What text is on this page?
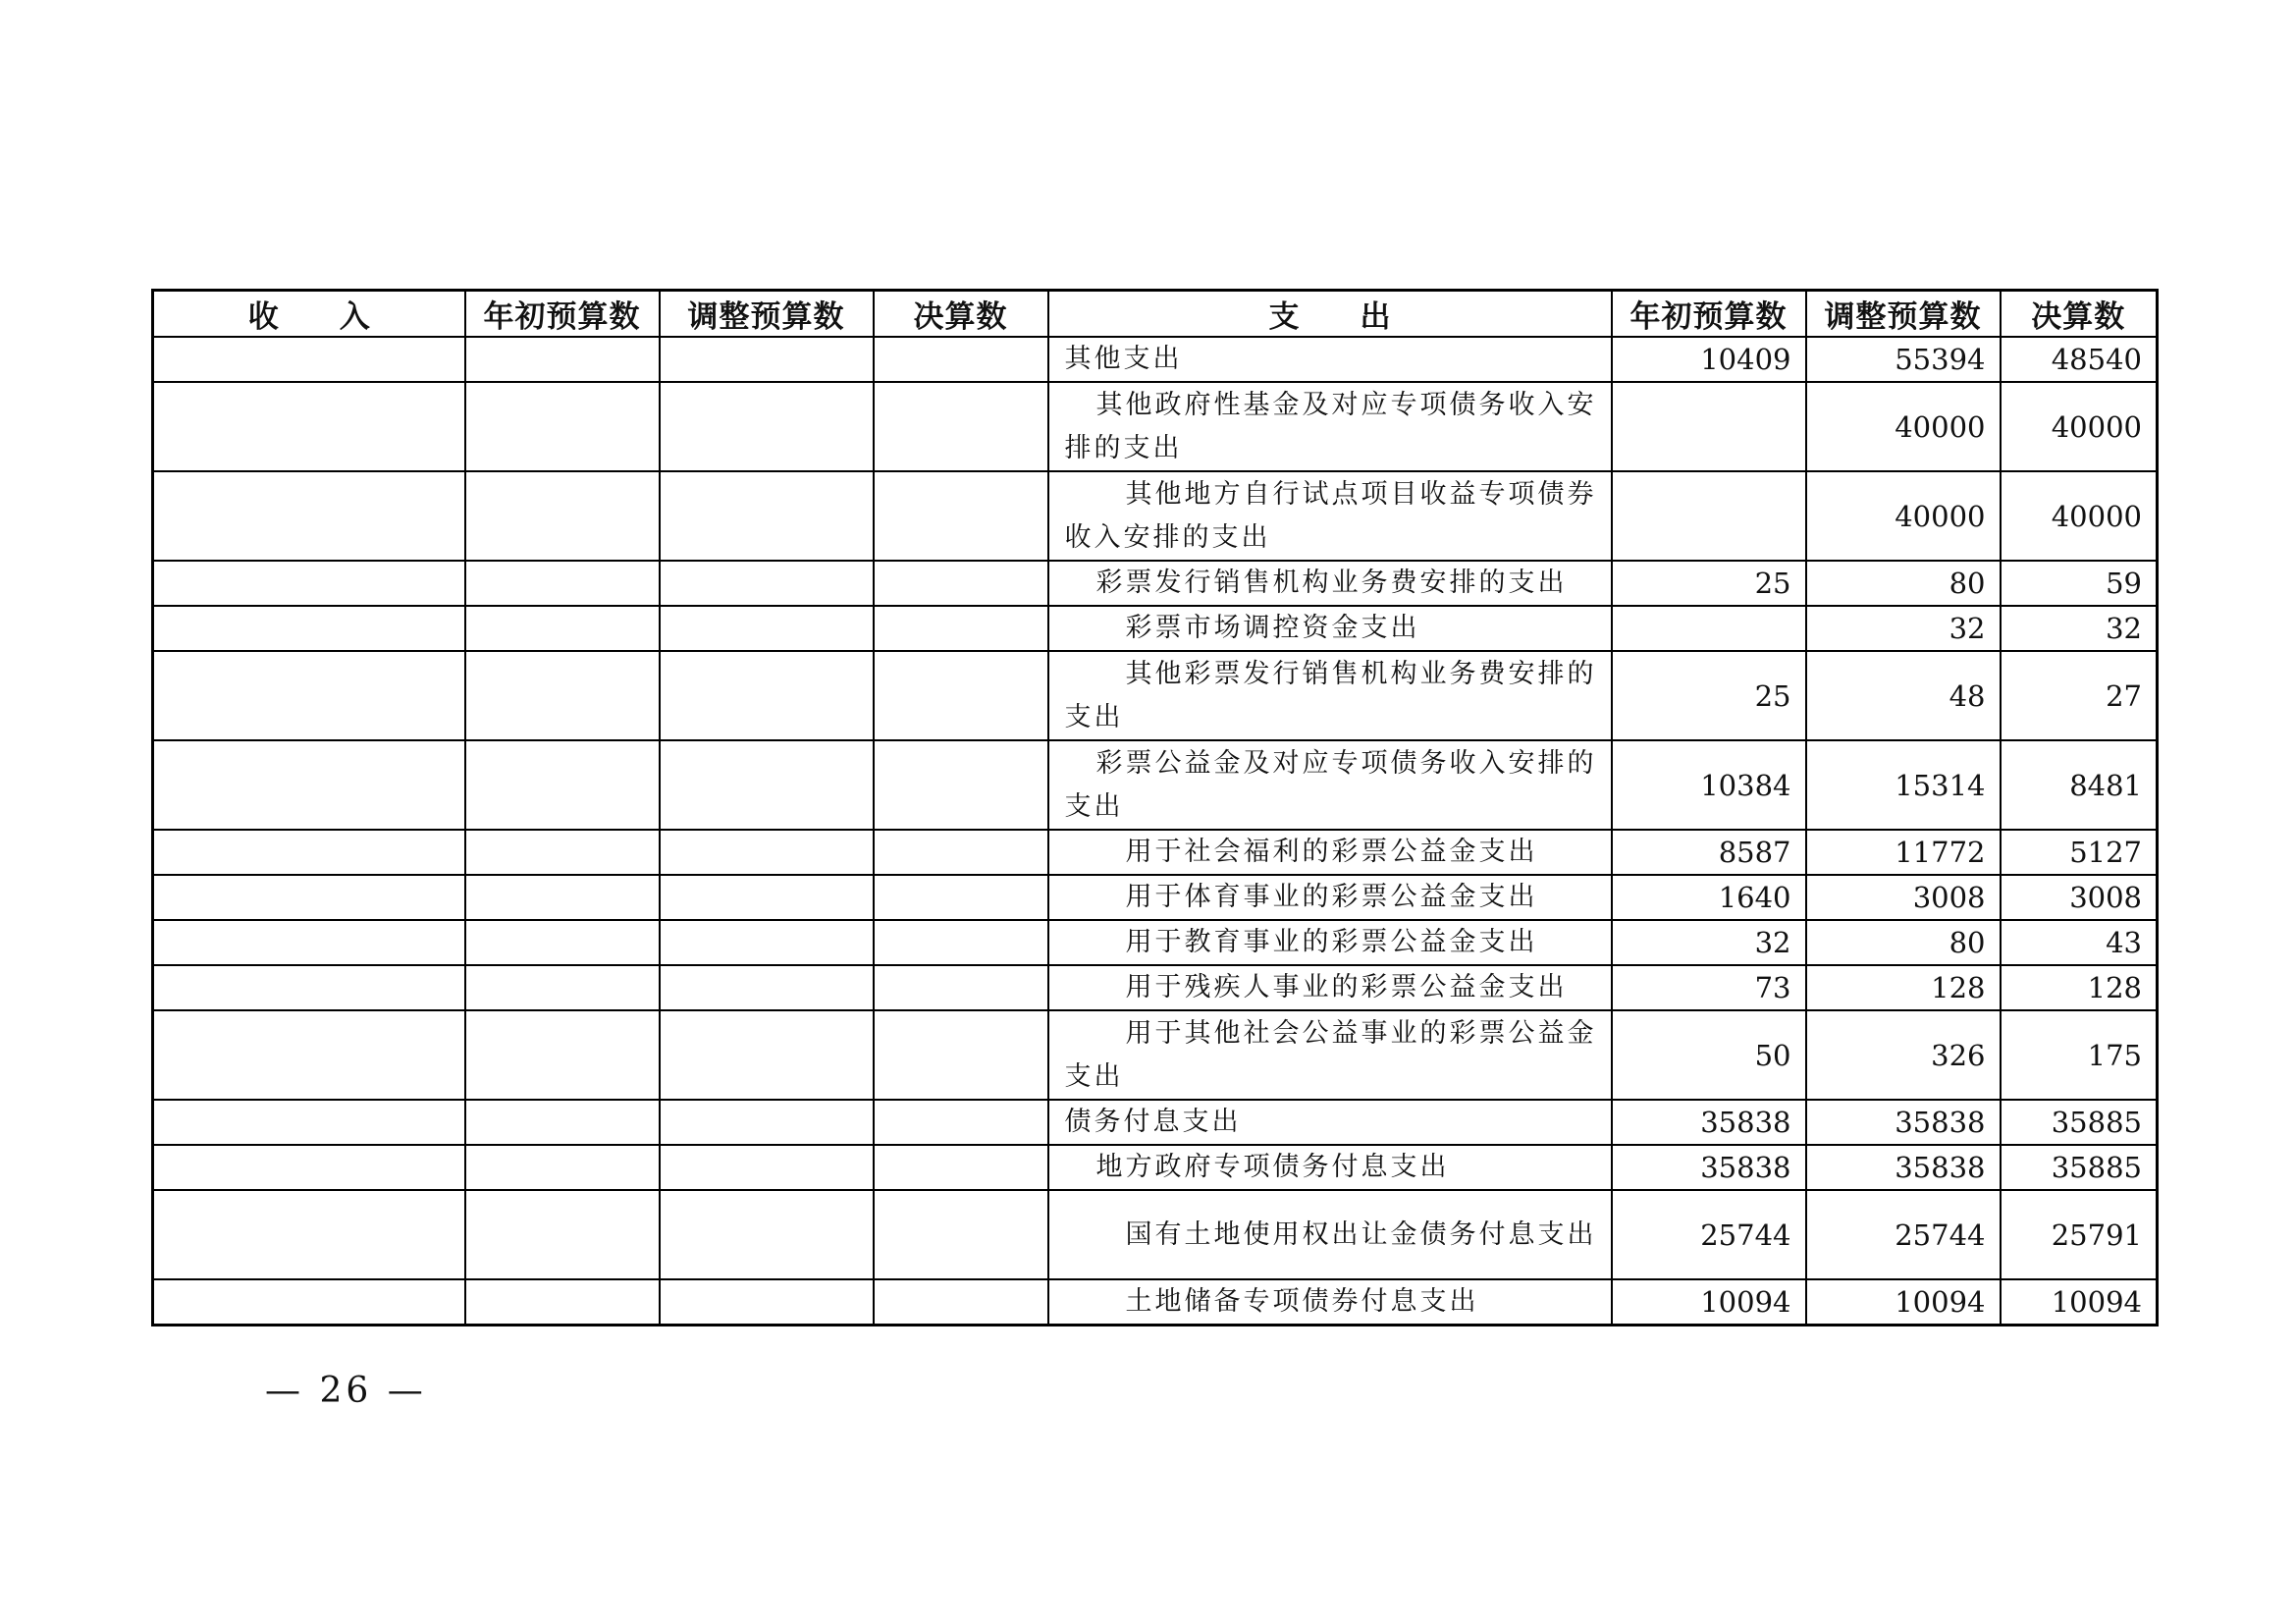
收　　入	年初预算数	调整预算数	决算数	支　　出	年初预算数	调整预算数	决算数
				其他支出	10409	55394	48540
				其他政府性基金及对应专项债务收入安排的支出		40000	40000
				其他地方自行试点项目收益专项债券收入安排的支出		40000	40000
				彩票发行销售机构业务费安排的支出	25	80	59
				彩票市场调控资金支出		32	32
				其他彩票发行销售机构业务费安排的支出	25	48	27
				彩票公益金及对应专项债务收入安排的支出	10384	15314	8481
				用于社会福利的彩票公益金支出	8587	11772	5127
				用于体育事业的彩票公益金支出	1640	3008	3008
				用于教育事业的彩票公益金支出	32	80	43
				用于残疾人事业的彩票公益金支出	73	128	128
				用于其他社会公益事业的彩票公益金支出	50	326	175
				债务付息支出	35838	35838	35885
				地方政府专项债务付息支出	35838	35838	35885
				国有土地使用权出让金债务付息支出	25744	25744	25791
				土地储备专项债券付息支出	10094	10094	10094
— 26 —
